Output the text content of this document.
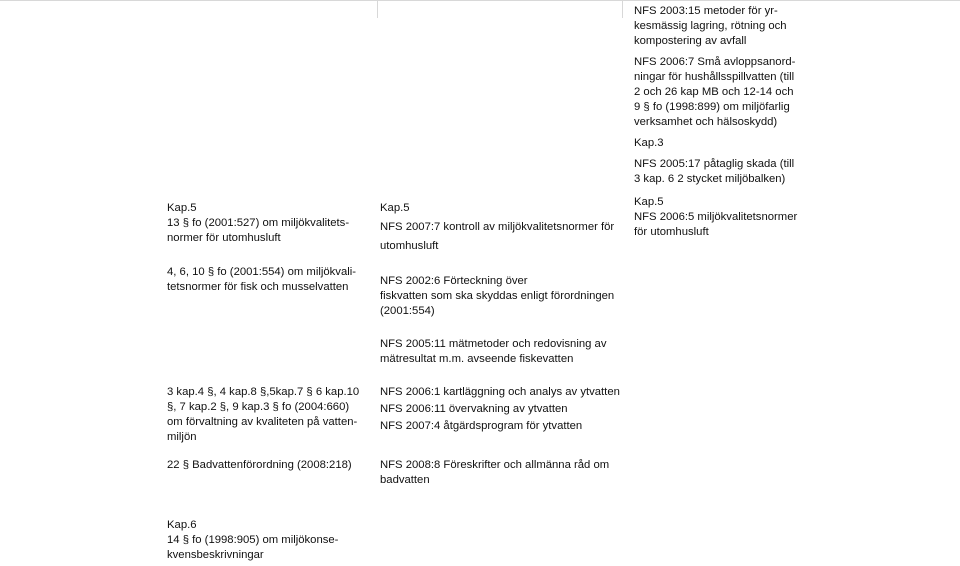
NFS 2003:15 metoder för yr-
kesmässig lagring, rötning och
kompostering av avfall

NFS 2006:7 Små avloppsanord-
ningar för hushållsspillvatten (till
2 och 26 kap MB och 12-14 och
9 § fo (1998:899) om miljöfarlig
verksamhet och hälsoskydd)

Kap.3

NFS 2005:17 påtaglig skada (till
3 kap. 6 2 stycket miljöbalken)

Kap.5
13 § fo (2001:527) om miljökvalitets-
normer för utomhusluft

4, 6, 10 § fo (2001:554) om miljökvali-
tetsnormer för fisk och musselvatten

3 kap.4 §, 4 kap.8 §,5kap.7 § 6 kap.10
§, 7 kap.2 §, 9 kap.3 § fo (2004:660)
om förvaltning av kvaliteten på vatten-
miljön

22 § Badvattenförordning (2008:218)

Kap.6
14 § fo (1998:905) om miljökonse-
kvensbeskrivningar

Kap.5

NFS 2007:7 kontroll av miljökvalitetsnormer för

utomhusluft

NFS 2002:6 Förteckning över
fiskvatten som ska skyddas enligt förordningen
(2001:554)

NFS 2005:11 mätmetoder och redovisning av
mätresultat m.m. avseende fiskevatten

NFS 2006:1 kartläggning och analys av ytvatten

NFS 2006:11 övervakning av ytvatten

NFS 2007:4 åtgärdsprogram för ytvatten

NFS 2008:8 Föreskrifter och allmänna råd om
badvatten

Kap.5
NFS 2006:5 miljökvalitetsnormer
för utomhusluft
